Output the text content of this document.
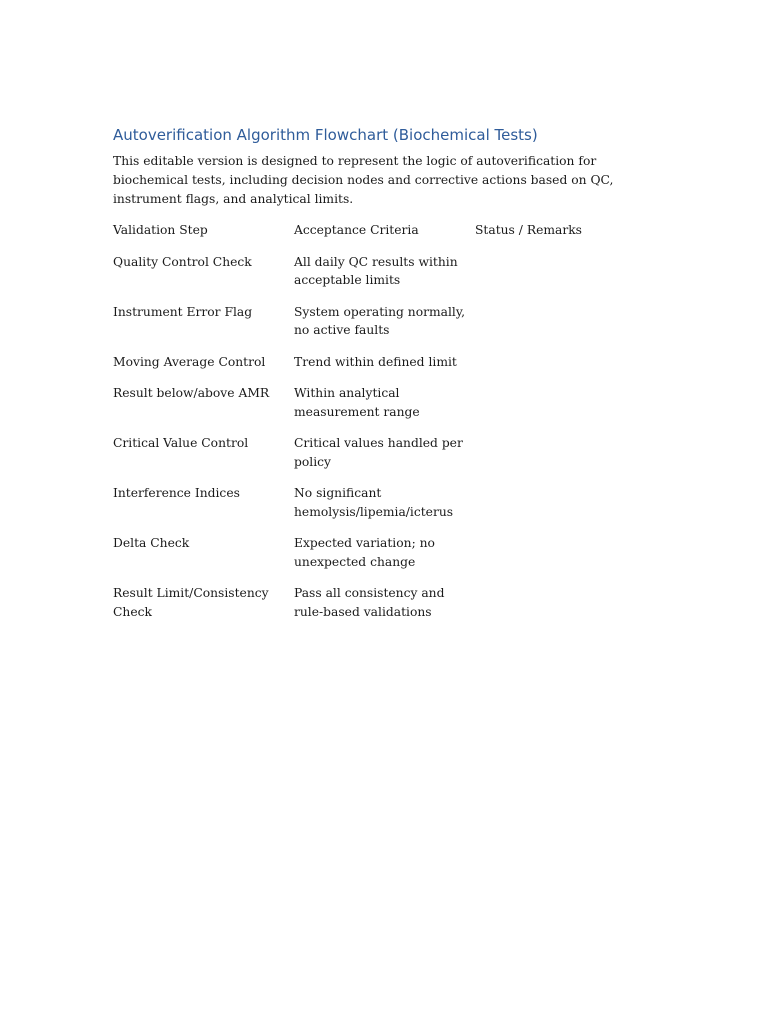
Autoverification Algorithm Flowchart (Biochemical Tests)

This editable version is designed to represent the logic of autoverification for biochemical tests, including decision nodes and corrective actions based on QC, instrument flags, and analytical limits.

Validation Step	Acceptance Criteria	Status / Remarks
Quality Control Check	All daily QC results within acceptable limits	
Instrument Error Flag	System operating normally, no active faults	
Moving Average Control	Trend within defined limit	
Result below/above AMR	Within analytical measurement range	
Critical Value Control	Critical values handled per policy	
Interference Indices	No significant hemolysis/lipemia/icterus	
Delta Check	Expected variation; no unexpected change	
Result Limit/Consistency Check	Pass all consistency and rule-based validations	
